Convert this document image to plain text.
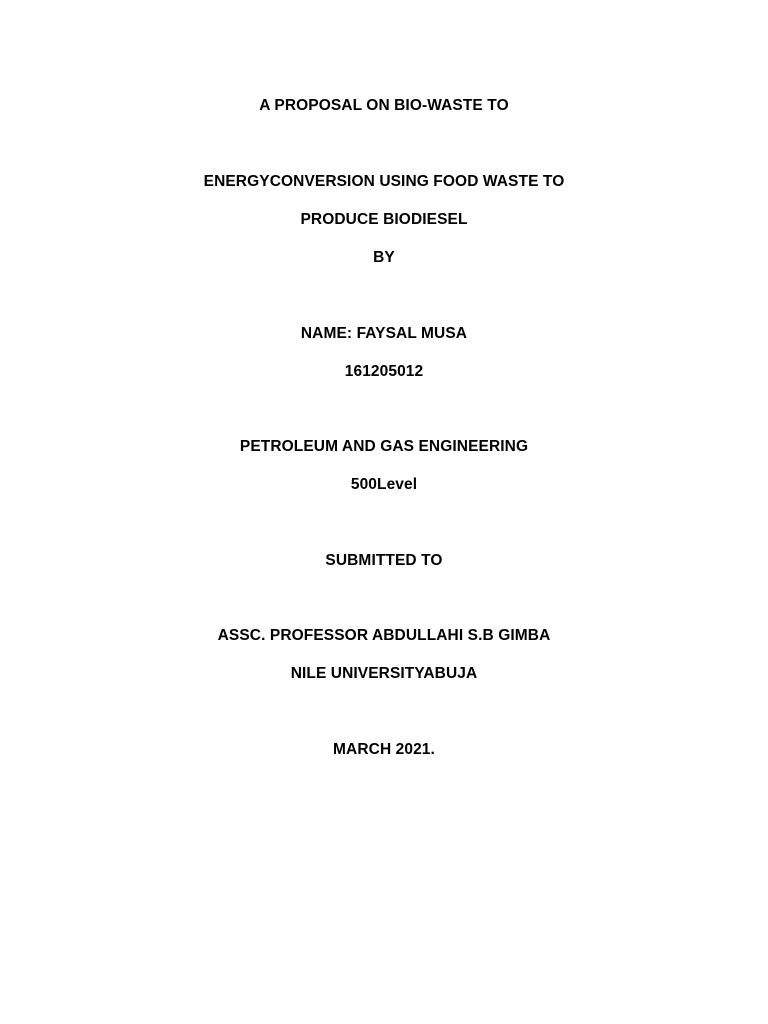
A PROPOSAL ON BIO-WASTE TO
ENERGYCONVERSION USING FOOD WASTE TO
PRODUCE BIODIESEL
BY
NAME: FAYSAL MUSA
161205012
PETROLEUM AND GAS ENGINEERING
500Level
SUBMITTED TO
ASSC. PROFESSOR ABDULLAHI S.B GIMBA
NILE UNIVERSITYABUJA
MARCH 2021.
